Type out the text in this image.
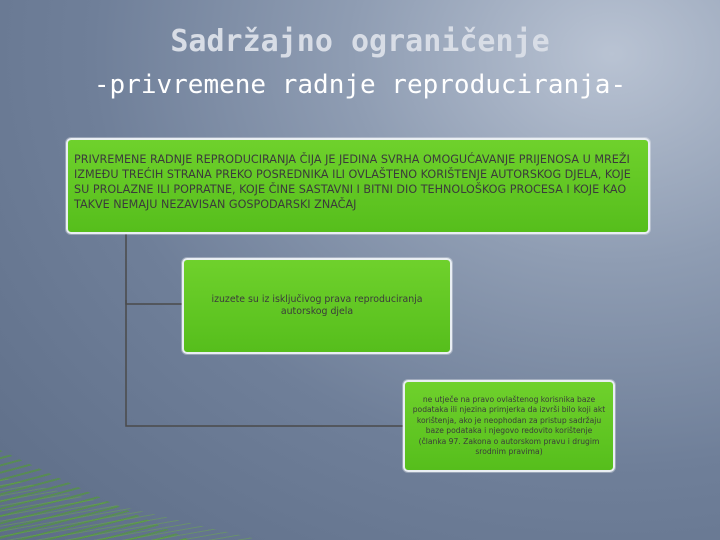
Sadržajno ograničenje
-privremene radnje reproduciranja-
PRIVREMENE RADNJE REPRODUCIRANJA ČIJA JE JEDINA SVRHA OMOGUĆAVANJE PRIJENOSA U MREŽI IZMEĐU TREĆIH STRANA PREKO POSREDNIKA ILI OVLAŠTENO KORIŠTENJE AUTORSKOG DJELA, KOJE SU PROLAZNE ILI POPRATNE, KOJE ČINE SASTAVNI I BITNI DIO TEHNOLOŠKOG PROCESA I KOJE KAO TAKVE NEMAJU NEZAVISAN GOSPODARSKI ZNAČAJ
izuzete su iz isključivog prava reproduciranja autorskog djela
ne utječe na pravo ovlaštenog korisnika baze podataka ili njezina primjerka da izvrši bilo koji akt korištenja, ako je neophodan za pristup sadržaju baze podataka i njegovo redovito korištenje (članka 97. Zakona o autorskom pravu i drugim srodnim pravima)
